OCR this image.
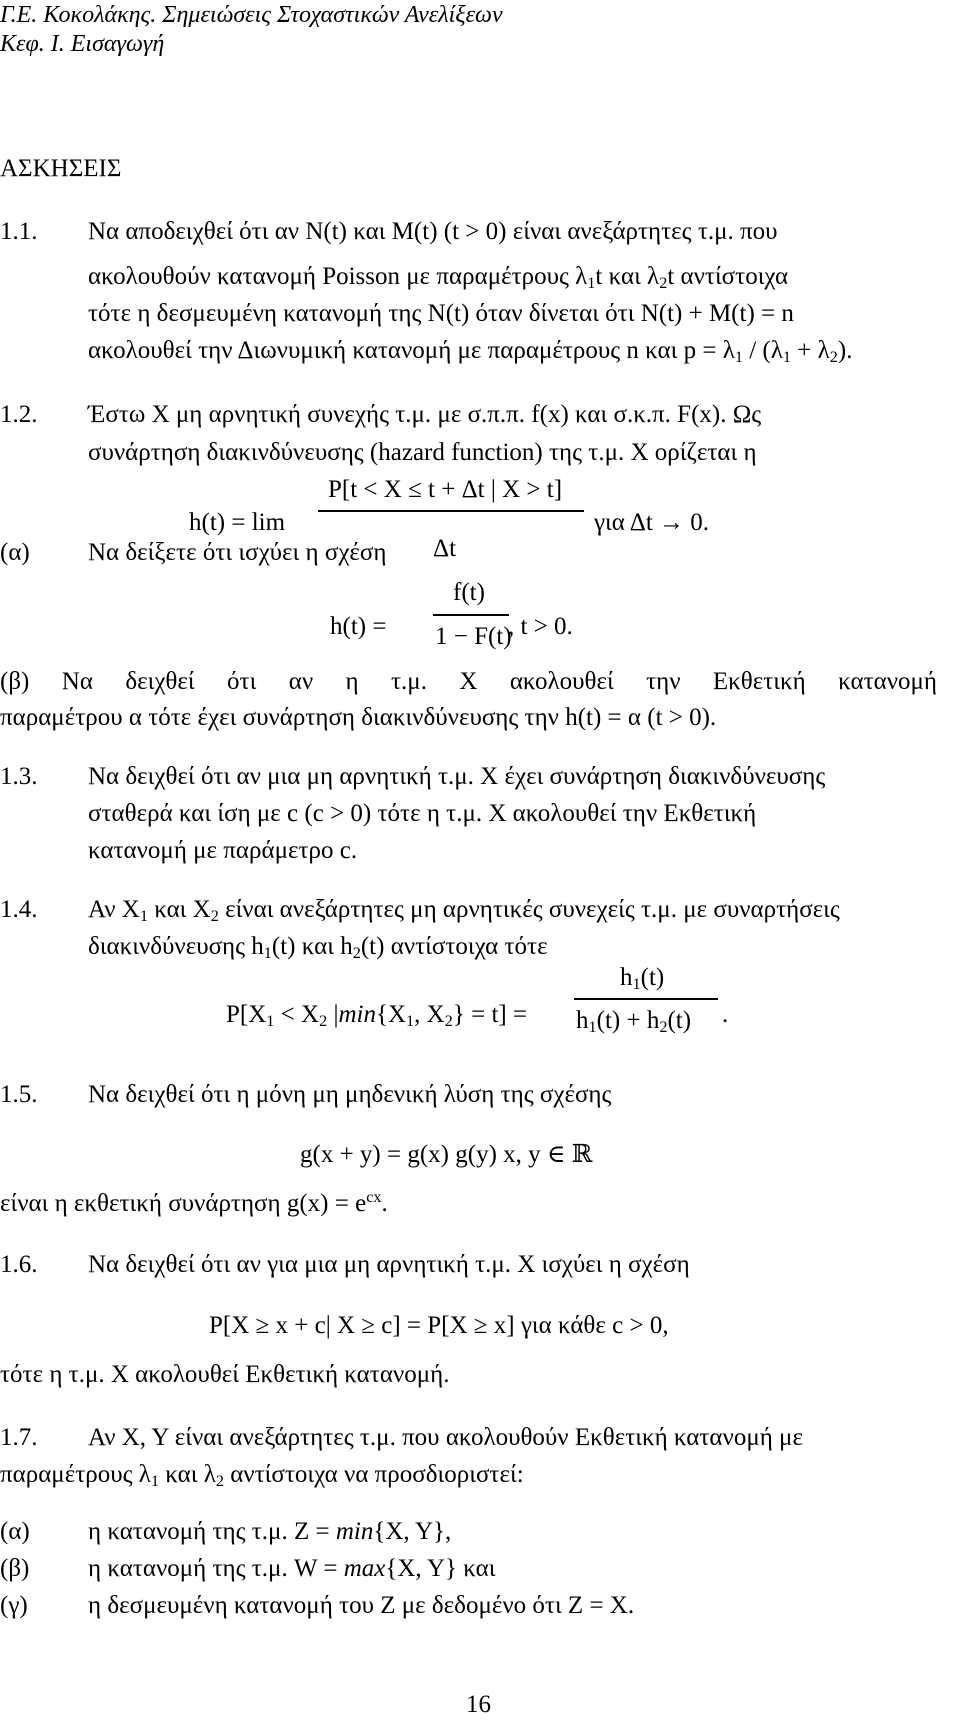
Γ.Ε. Κοκολάκης. Σημειώσεις Στοχαστικών Ανελίξεων
Κεφ. Ι. Εισαγωγή
ΑΣΚΗΣΕΙΣ
1.1. Να αποδειχθεί ότι αν N(t) και M(t) (t > 0) είναι ανεξάρτητες τ.μ. που
ακολουθούν κατανομή Poisson με παραμέτρους $\lambda_1t$ και $\lambda_2t$ αντίστοιχα
τότε η δεσμευμένη κατανομή της N(t) όταν δίνεται ότι N(t) + M(t) = n
ακολουθεί την Διωνυμική κατανομή με παραμέτρους n και $p = \lambda_1 / (\lambda_1 + \lambda_2)$.
1.2. Έστω X μη αρνητική συνεχής τ.μ. με σ.π.π. f(x) και σ.κ.π. F(x). Ως
συνάρτηση διακινδύνευσης (hazard function) της τ.μ. X ορίζεται η
h(t) = lim
P[t < X ≤ t + Δt | X > t]
Δt
για Δt → 0.
(α) Να δείξετε ότι ισχύει η σχέση
h(t) =
f(t)
1 − F(t)
, t > 0.
(β) Να δειχθεί ότι αν η τ.μ. X ακολουθεί την Εκθετική κατανομή
παραμέτρου α τότε έχει συνάρτηση διακινδύνευσης την h(t) = α (t > 0).
1.3. Να δειχθεί ότι αν μια μη αρνητική τ.μ. X έχει συνάρτηση διακινδύνευσης
σταθερά και ίση με c (c > 0) τότε η τ.μ. X ακολουθεί την Εκθετική
κατανομή με παράμετρο c.
1.4. Αν $X_1$ και $X_2$ είναι ανεξάρτητες μη αρνητικές συνεχείς τ.μ. με συναρτήσεις
διακινδύνευσης $h_1(t)$ και $h_2(t)$ αντίστοιχα τότε
$P[X_1 < X_2$ $|\min\{X_1$, $X_2\} = t$] =
$h_1(t)$
$h_1(t) + h_2(t)$ .
1.5. Να δειχθεί ότι η μόνη μη μηδενική λύση της σχέσης
g(x + y) = g(x) g(y) x, y ∈ ℝ
είναι η εκθετική συνάρτηση $g(x) = e^{cx}$.
1.6. Να δειχθεί ότι αν για μια μη αρνητική τ.μ. X ισχύει η σχέση
P[X ≥ x + c| X ≥ c] = P[X ≥ x] για κάθε c > 0,
τότε η τ.μ. X ακολουθεί Εκθετική κατανομή.
1.7. Αν X, Y είναι ανεξάρτητες τ.μ. που ακολουθούν Εκθετική κατανομή με
παραμέτρους $\lambda_1$ και $\lambda_2$ αντίστοιχα να προσδιοριστεί:
(α) η κατανομή της τ.μ. Z = min{X, Y},
(β) η κατανομή της τ.μ. W = max{X, Y} και
(γ) η δεσμευμένη κατανομή του Z με δεδομένο ότι Z = X.
16
